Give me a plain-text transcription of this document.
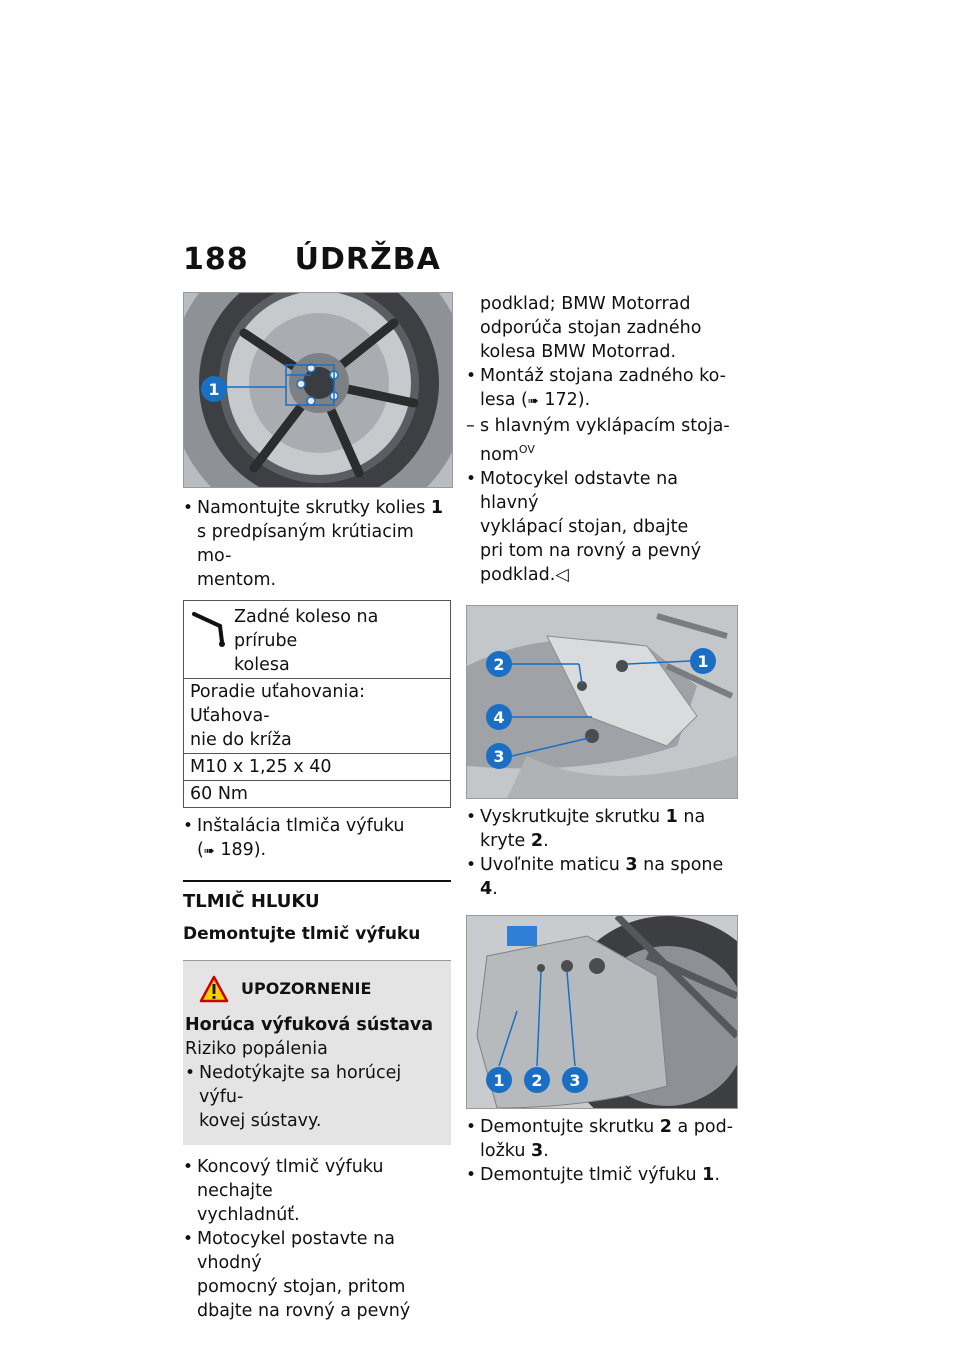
188 ÚDRŽBA
1
• Namontujte skrutky kolies 1
s predpísaným krútiacim mo-
mentom.
Zadné koleso na prírube
kolesa
Poradie uťahovania: Uťahova-
nie do kríža
M10 x 1,25 x 40
60 Nm
• Inštalácia tlmiča výfuku
(➠ 189).
TLMIČ HLUKU
Demontujte tlmič výfuku
UPOZORNENIE
Horúca výfuková sústava
Riziko popálenia
• Nedotýkajte sa horúcej výfu-
kovej sústavy.
• Koncový tlmič výfuku nechajte
vychladnúť.
• Motocykel postavte na vhodný
pomocný stojan, pritom
dbajte na rovný a pevný
podklad; BMW Motorrad
odporúča stojan zadného
kolesa BMW Motorrad.
• Montáž stojana zadného ko-
lesa (➠ 172).
– s hlavným vyklápacím stoja-
nom$^{OV}$
• Motocykel odstavte na hlavný
vyklápací stojan, dbajte
pri tom na rovný a pevný
podklad.◁
2	1
4
3
• Vyskrutkujte skrutku 1 na
kryte 2.
• Uvoľnite maticu 3 na spone 4.
1 2 3
• Demontujte skrutku 2 a pod-
ložku 3.
• Demontujte tlmič výfuku 1.
